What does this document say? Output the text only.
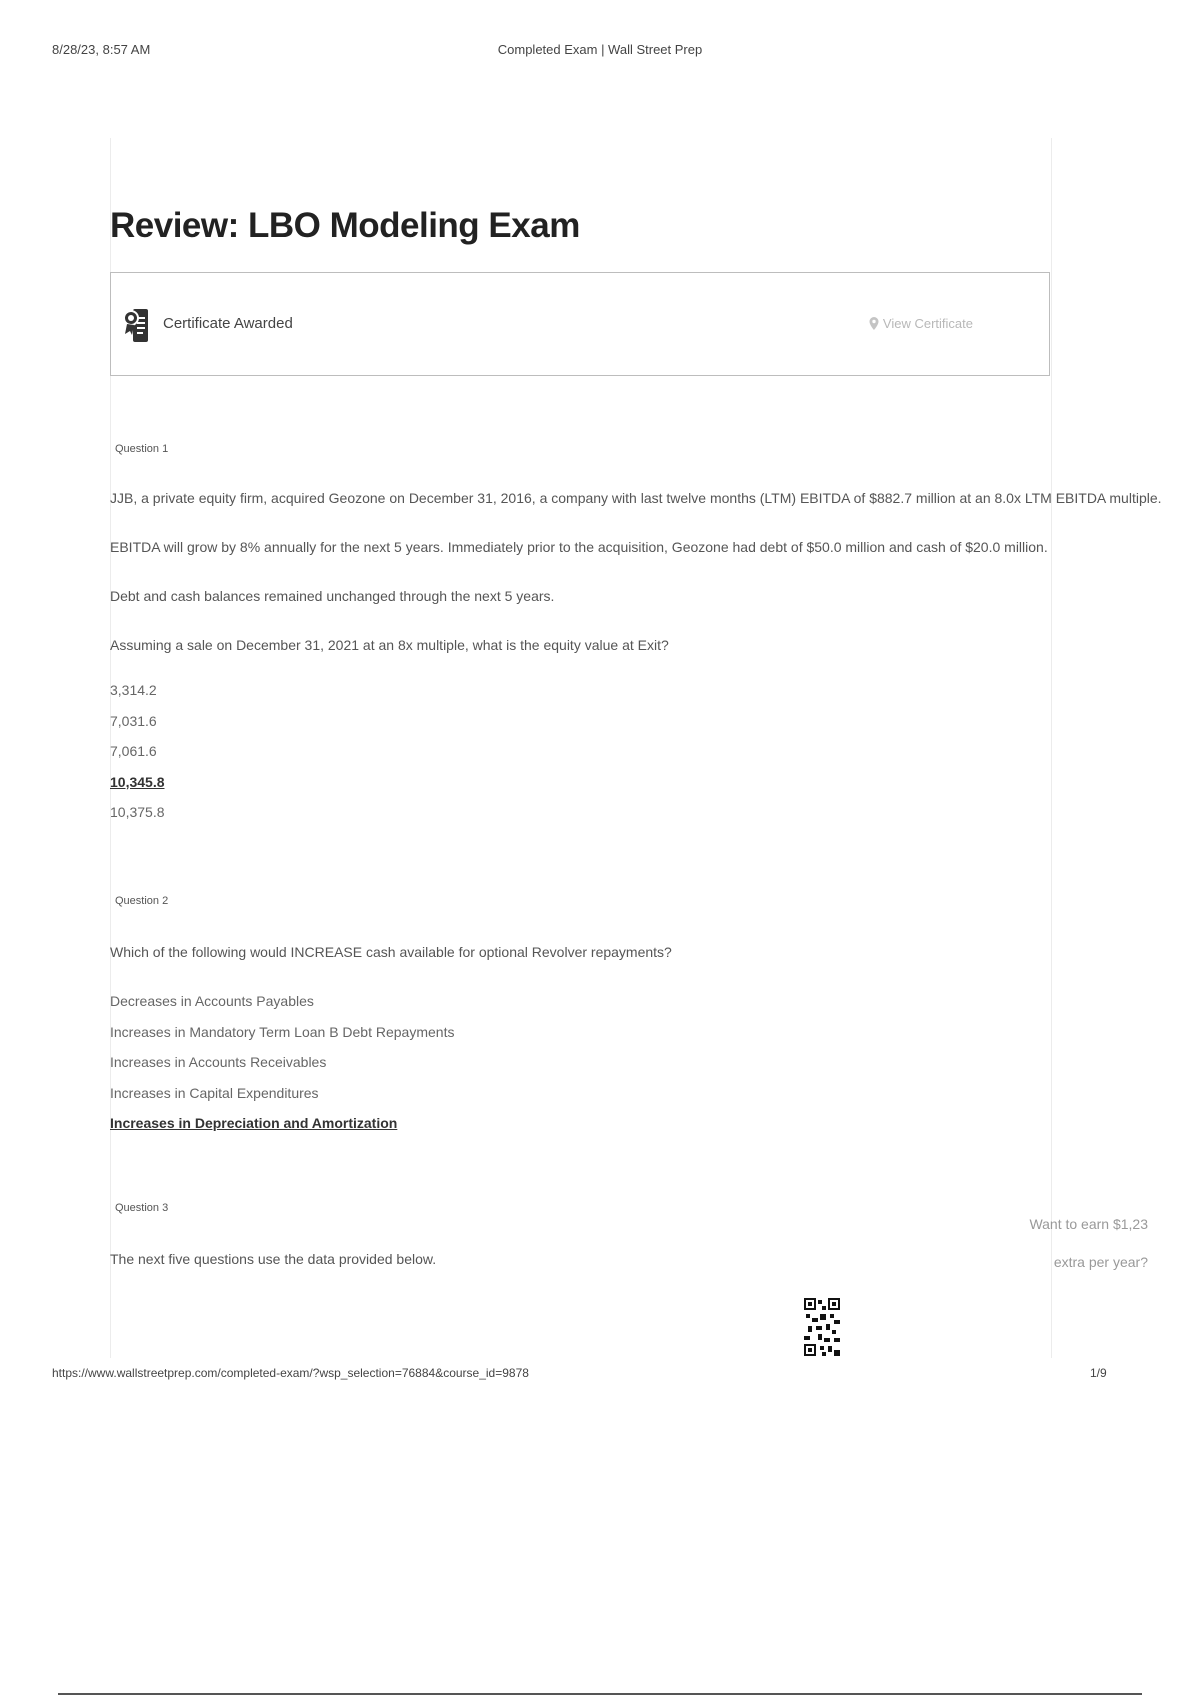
8/28/23, 8:57 AM	Completed Exam | Wall Street Prep
Review: LBO Modeling Exam
Certificate Awarded	View Certificate
Question 1
JJB, a private equity firm, acquired Geozone on December 31, 2016, a company with last twelve months (LTM) EBITDA of $882.7 million at an 8.0x LTM EBITDA multiple.
EBITDA will grow by 8% annually for the next 5 years. Immediately prior to the acquisition, Geozone had debt of $50.0 million and cash of $20.0 million.
Debt and cash balances remained unchanged through the next 5 years.
Assuming a sale on December 31, 2021 at an 8x multiple, what is the equity value at Exit?
3,314.2
7,031.6
7,061.6
10,345.8
10,375.8
Question 2
Which of the following would INCREASE cash available for optional Revolver repayments?
Decreases in Accounts Payables
Increases in Mandatory Term Loan B Debt Repayments
Increases in Accounts Receivables
Increases in Capital Expenditures
Increases in Depreciation and Amortization
Question 3
The next five questions use the data provided below.
Want to earn $1,23
extra per year?
https://www.wallstreetprep.com/completed-exam/?wsp_selection=76884&course_id=9878	1/9
